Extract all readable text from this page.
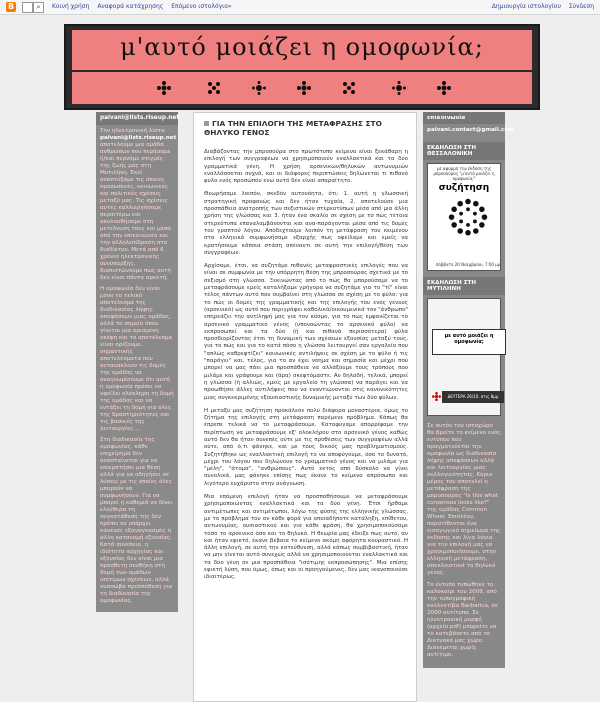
B	⌕	Κοινή χρήση Αναφορά κατάχρησης Επόμενο ιστολόγιο»	Δημιουργία ιστολογίου Σύνδεση
μ'αυτό μοιάζει η ομοφωνία;
paivani@lists.riseup.net

Την ηλεκτρονική λίστα paivani@lists.riseup.net αποτελούμε μια ομάδα ανθρώπων που περάσαμε ή/και περνάμε στιγμές της ζωής μας στη Μυτιλήνη. Εκεί αναπτύξαμε τις όποιες προσωπικές, κοινωνικές και πολιτικές σχέσεις μεταξύ μας. Τις σχέσεις αυτές καλλιεργήσαμε περαιτέρω και ακολουθήσαμε στη μετέλευση τους και μέσα από την επικοινωνία και την αλληλεπίδραση στο διαδίκτυο. Μετά από 6 χρόνια ηλεκτρονικής συνύπαρξης, διαπιστώνουμε πως αυτή δεν είναι πάντα αρκετή.

Η ομοφωνία δεν είναι μόνο το τελικό αποτέλεσμα της διαδικασίας λήψης αποφάσεων μιας ομάδας, αλλά το σημείο όπου γίνεται μια ορισμένη σκέψη και το αποτέλεσμα είναι ορίζουμε, σημαντικής αποτελέσματα που αντανακλούν τις δομές της ομάδας να αναγνωρίσουμε ότι αυτή η ομοφωνία πρέπει να οφείλει ολόκληρη τη δομή της ομάδας και να εντάξει τη δομή για όλες της δραστηριότητες και τις βασικές της λειτουργίες ...

Στη διαδικασία της ομοφωνίας, κάθε επιχείρημα δεν ανασταίνεται για να επικρατήσει μια θέση αλλά για να οδηγήσει σε λύσεις με τις οποίες όλες μπορούν να συμφωνήσουν. Για να μπορεί η καθεμιά να δίνει ελεύθερα τη συγκατάθεσή της δεν πρέπει να υπάρχει κανένας εξαναγκασμός ή άλλη κατανομή εξουσίας. Κατά συνέπεια, η ιδιότητα αρχηγίας και εξουσίας δεν είναι μια πρόσθετη συνθήκη στη δομή των ομάδων ισότιμων σχέσεων, αλλά συσσώβα προϋπόθεση για τη διαδικασία της ομοφωνίας.

ΓΙΑ ΤΗΝ ΕΠΙΛΟΓΗ ΤΗΣ ΜΕΤΑΦΡΑΣΗΣ ΣΤΟ ΘΗΛΥΚΟ ΓΕΝΟΣ

Διαβάζοντας την μπροσούρα στο πρωτότυπο κείμενο είναι ξεκάθαρη η επιλογή των συγγραφέων να χρησιμοποιούν εναλλακτικά και τα δύο γραμματικά γένη. Η χρήση αρσενικών/θηλυκών αντωνυμιών εναλλάσσεται συχνά, και οι διάφορες περιπτώσεις δηλώνεται τι πιθανό φύλο ενός προσώπου ενώ αυτό δεν είναι απαραίτητο.

Θεωρήσαμε λοιπόν, σκεδόν αυτονόητα, ότι: 1. αυτή η γλωσσική στρατηγική προφανώς και δεν ήταν τυχαία, 2. αποτελούσε μια προσπάθεια ανατροπής των σεξιστικών στερεοτύπων μέσα από μια άλλη χρήση της γλώσσας και 3. ήταν ένα σκαλίο σε σχέση με το πώς τέτοια στερεότυπα επαναλαμβάνονται και ανα-παράγονται μέσα από τις δομές του γραπτού λόγου. Αποδεχτούμε λοιπόν τη μετάφραση του κειμένου στα ελληνικά συμφωνήσαμε εξαρχής πως οφείλαμε και εμείς να κρατήσουμε κάποια στάση απέναντι σε αυτή την επιλογή/θέση των συγγραφέων.

Αρχίσαμε, έτσι, να συζητάμε πιθανές μεταφραστικές επιλογές που να είναι σε συμφωνία με την υπόρρητη θέση της μπροσούρας σχετικά με το σεξισμό στη γλώσσα. Ξεκινώντας από το πώς θα μπορούσαμε να το μεταφράσουμε εμείς καταλήξαμε γρήγορα να συζητάμε για το "τί" είναι τέλος πάντων αυτό που συμβαίνει στη γλώσσα σε σχέση με το φύλο: για το πώς οι δομές της γραμματικής και της επιλογής του ενός γένους (αρσενικό) ως αυτό που περιγράφει καθολικά/οικουμενικά τον "άνθρωπο" επηρεάζει την αντίληψή μας για τον κόσμο, για το πώς εμφανίζεται το αρσενικό γραμματικό γένος (υπονοώντας το αρσενικό φύλο) να εκπροσωπεί και τα δύο (ή και πιθανά περισσότερα) φύλα προσδιορίζοντας έτσι τη δυναμική των σχέσεων εξουσίας μεταξύ τους, για το πώς και για το κατά πόσο η γλώσσα λειτουργεί σαν εργαλείο που "απλώς καθρεφτίζει" κοινωνικές αντιλήψεις σε σχέση με το φύλο ή τις "παράγει" και, τέλος, για το αν έχει νόημα και σημασία και μέχρι πού μπορεί να μας πάει μια προσπάθεια να αλλάξουμε τους τρόπους που μιλάμε και γράφουμε και (άρα) σκεφτόμαστε. Αν δηλαδή, τελικά, μπορεί η γλώσσα (ή αλλιώς, εμείς με εργαλείο τη γλώσσα) να παράγει και να προωθήσει άλλες αντιλήψεις που να εναντιώνονται στις κανονικότητες μιας συγκεκριμένης εξουσιαστικής δυναμικής μεταξύ των δύο φύλων.

Η μεταξύ μας συζήτηση προκάλεσε πολύ διάφορα μοναστέρια, όμως το ζήτημα της επιλογής στη μετάφραση παρέμενε πρόβλημα. Κάπως θα έπρεπε τελικά να το μεταφράσουμε. Καταφύγαμε απορρίψαμε την περίπτωση να μεταφράσουμε εξ' ολοκλήρου στο αρσενικό γένος καθώς αυτό δεν θα ήταν συνεπές ούτε με τις προθέσεις των συγγραφέων αλλά ούτε, από ό,τι φάνηκε, και με τους δικούς μας προβληματισμούς. Συζητήθηκε ως εναλλακτική επιλογή το να αποφύγουμε, όσο το δυνατό, μέχρι του λόγου που δηλώνουν το γραμματικό γένος και να μιλάμε για "μέλη", "άτομα", "ανθρώπους". Αυτό εκτός από δύσκολο να γίνει συνολικά, μας φάνηκε επίσης πως έκανε το κείμενο απρόσωπο και λιγότερο ευχάριστο στην ανάγνωση.

Μια επόμενη επιλογή ήταν να προσπαθήσουμε να μεταφράσουμε χρησιμοποιώντας εναλλακτικά και τα δύο γένη. Έτσι ήρθαμε αντιμέτωπες και αντιμέτωποι, λόγω της φύσης της ελληνικής γλώσσας, με το πρόβλημα του αν κάθε φορά για οποιαδήποτε κατάληξη, επίθετου, αντωνυμίας, ουσιαστικού και για κάθε φράση, θα χρησιμοποιούσαμε τόσο το αρσενικό όσο και το θηλυκό. Η θεωρία μας έδειξε πως αυτό, αν και ήταν εφικτό, έκανε βέβαια το κείμενο ακόμη αφόρητα κουραστικό. Η άλλη επιλογή, σε αυτή την κατεύθυνση, αλλά κάπως συμβιβαστική, ήταν να μην γίνεται αυτό συνεχώς αλλά να χρησιμοποιούνται εναλλακτικά και τα δύο γένη σε μια προσπάθεια "ισότιμης εκπροσώπησης". Μια επίσης εφικτή λύση, που όμως, όπως και οι προηγούμενες, δεν μας ικανοποιούσε ιδιαιτέρως.

επικοινωνία
paivani.contact@gmail.com
ΕΚΔΗΛΩΣΗ ΣΤΗ ΘΕΣΣΑΛΟΝΙΚΗ
με αφορμή την έκδοση της μπροσούρας "μ'αυτό μοιάζει η ομοφωνία;"
συζήτηση
σάββατο 20 Νοεμβρίου, 7:00 μμ
ΕΚΔΗΛΩΣΗ ΣΤΗ ΜΥΤΙΛΗΝΗ
με αυτό μοιάζει η ομοφωνία;
ΔΕΥΤΕΡΑ 26/10, στις 8μμ

Σε αυτόν τον ιστοχώρο θα βρείτε το κείμενο ενός εντύπου που πραγματεύεται την ομοφωνία ως διαδικασία λήψης αποφάσεων αλλά και λειτουργίας μιας συλλογικότητας. Κύριο μέρος του αποτελεί η μετάφραση της μπροσούρας "Is this what consensus looks like?" της ομάδας Common Wheel. Επιπλέον, παρατίθενται ένα εισαγωγικό σημείωμα της έκδοσης και λίγα λόγια για την επιλογή μας να χρησιμοποιήσουμε, στην ελληνική μετάφραση, αποκλειστικά το θηλυκό γένος.

Το έντυπο τυπώθηκε το καλοκαίρι του 2009, από την τυπογραφική κολλεκτίβα Barbarica, σε 2000 αντίτυπα. Σε ηλεκτρονική μορφή (αρχείο pdf) μπορείτε να το κατεβάσετε από το Δικτυακό μας χώρο. Διανέμεται χωρίς αντίτιμο.
